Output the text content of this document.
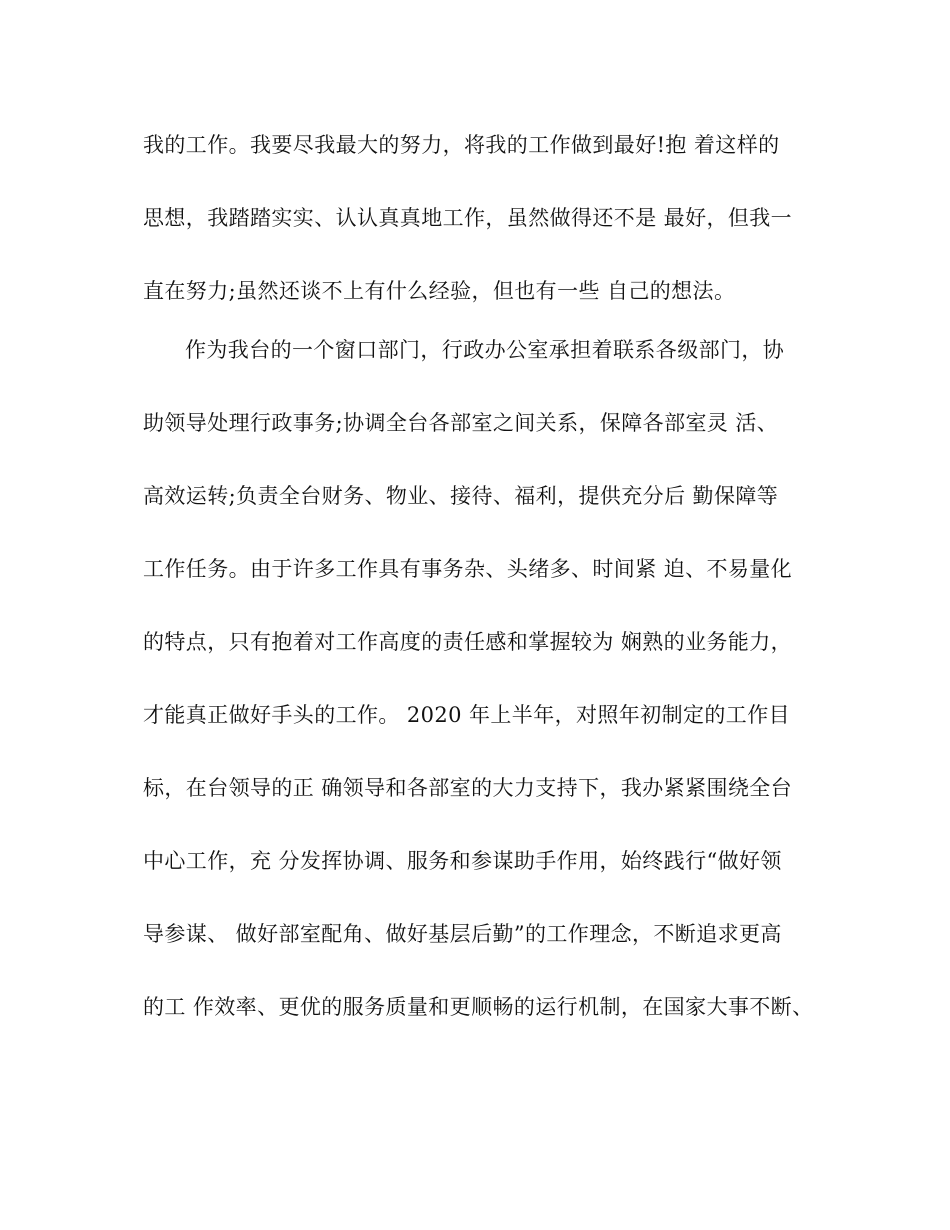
我的工作。我要尽我最大的努力，将我的工作做到最好!抱 着这样的

思想，我踏踏实实、认认真真地工作，虽然做得还不是 最好，但我一

直在努力;虽然还谈不上有什么经验，但也有一些 自己的想法。

作为我台的一个窗口部门，行政办公室承担着联系各级部门，协

助领导处理行政事务;协调全台各部室之间关系，保障各部室灵 活、

高效运转;负责全台财务、物业、接待、福利，提供充分后 勤保障等

工作任务。由于许多工作具有事务杂、头绪多、时间紧 迫、不易量化

的特点，只有抱着对工作高度的责任感和掌握较为 娴熟的业务能力，

才能真正做好手头的工作。 2020 年上半年，对照年初制定的工作目

标，在台领导的正 确领导和各部室的大力支持下，我办紧紧围绕全台

中心工作，充 分发挥协调、服务和参谋助手作用，始终践行“做好领

导参谋、 做好部室配角、做好基层后勤”的工作理念，不断追求更高

的工 作效率、更优的服务质量和更顺畅的运行机制，在国家大事不断、
